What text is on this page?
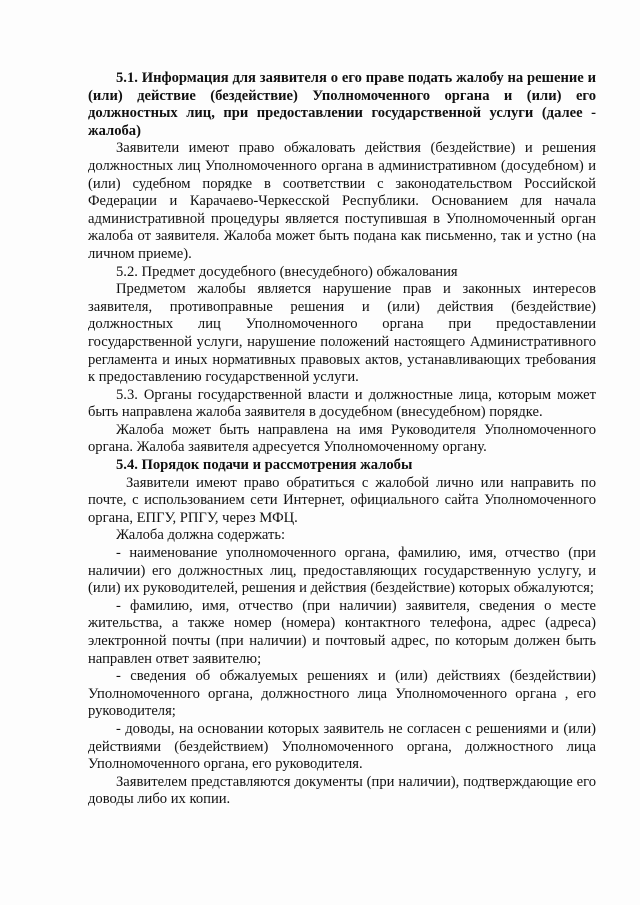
5.1. Информация для заявителя о его праве подать жалобу на решение и (или) действие (бездействие) Уполномоченного органа и (или) его должностных лиц, при предоставлении государственной услуги (далее - жалоба)

Заявители имеют право обжаловать действия (бездействие) и решения должностных лиц Уполномоченного органа в административном (досудебном) и (или) судебном порядке в соответствии с законодательством Российской Федерации и Карачаево-Черкесской Республики. Основанием для начала административной процедуры является поступившая в Уполномоченный орган жалоба от заявителя. Жалоба может быть подана как письменно, так и устно (на личном приеме).

5.2. Предмет досудебного (внесудебного) обжалования

Предметом жалобы является нарушение прав и законных интересов заявителя, противоправные решения и (или) действия (бездействие) должностных лиц Уполномоченного органа при предоставлении государственной услуги, нарушение положений настоящего Административного регламента и иных нормативных правовых актов, устанавливающих требования к предоставлению государственной услуги.

5.3. Органы государственной власти и должностные лица, которым может быть направлена жалоба заявителя в досудебном (внесудебном) порядке.

Жалоба может быть направлена на имя Руководителя Уполномоченного органа. Жалоба заявителя адресуется Уполномоченному органу.

5.4. Порядок подачи и рассмотрения жалобы

Заявители имеют право обратиться с жалобой лично или направить по почте, с использованием сети Интернет, официального сайта Уполномоченного органа, ЕПГУ, РПГУ, через МФЦ.

Жалоба должна содержать:

- наименование уполномоченного органа, фамилию, имя, отчество (при наличии) его должностных лиц, предоставляющих государственную услугу, и (или) их руководителей, решения и действия (бездействие) которых обжалуются;

- фамилию, имя, отчество (при наличии) заявителя, сведения о месте жительства, а также номер (номера) контактного телефона, адрес (адреса) электронной почты (при наличии) и почтовый адрес, по которым должен быть направлен ответ заявителю;

- сведения об обжалуемых решениях и (или) действиях (бездействии) Уполномоченного органа, должностного лица Уполномоченного органа , его руководителя;

- доводы, на основании которых заявитель не согласен с решениями и (или) действиями (бездействием) Уполномоченного органа, должностного лица Уполномоченного органа, его руководителя.

Заявителем представляются документы (при наличии), подтверждающие его доводы либо их копии.
